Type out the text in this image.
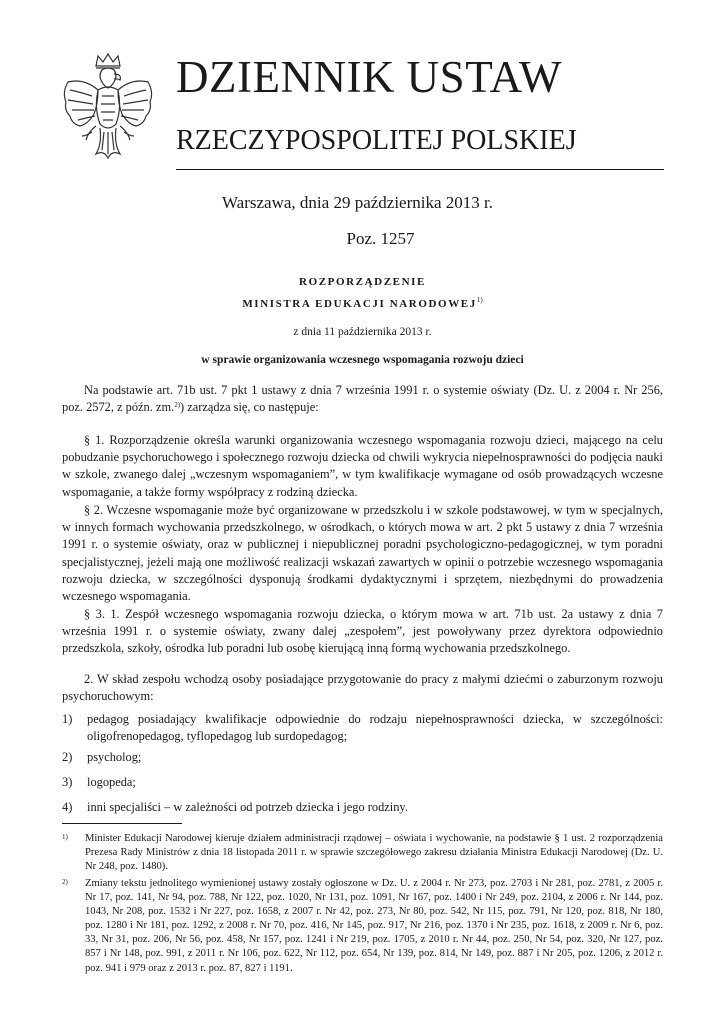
DZIENNIK USTAW
RZECZYPOSPOLITEJ POLSKIEJ
Warszawa, dnia 29 października 2013 r.
Poz. 1257
ROZPORZĄDZENIE
MINISTRA EDUKACJI NARODOWEJ$^{1)}$
z dnia 11 października 2013 r.
w sprawie organizowania wczesnego wspomagania rozwoju dzieci

Na podstawie art. 71b ust. 7 pkt 1 ustawy z dnia 7 września 1991 r. o systemie oświaty (Dz. U. z 2004 r. Nr 256, poz. 2572, z późn. zm.$^{2)}$) zarządza się, co następuje:

§ 1. Rozporządzenie określa warunki organizowania wczesnego wspomagania rozwoju dzieci, mającego na celu pobudzanie psychoruchowego i społecznego rozwoju dziecka od chwili wykrycia niepełnosprawności do podjęcia nauki w szkole, zwanego dalej „wczesnym wspomaganiem”, w tym kwalifikacje wymagane od osób prowadzących wczesne wspomaganie, a także formy współpracy z rodziną dziecka.

§ 2. Wczesne wspomaganie może być organizowane w przedszkolu i w szkole podstawowej, w tym w specjalnych, w innych formach wychowania przedszkolnego, w ośrodkach, o których mowa w art. 2 pkt 5 ustawy z dnia 7 września 1991 r. o systemie oświaty, oraz w publicznej i niepublicznej poradni psychologiczno-pedagogicznej, w tym poradni specjalistycznej, jeżeli mają one możliwość realizacji wskazań zawartych w opinii o potrzebie wczesnego wspomagania rozwoju dziecka, w szczególności dysponują środkami dydaktycznymi i sprzętem, niezbędnymi do prowadzenia wczesnego wspomagania.

§ 3. 1. Zespół wczesnego wspomagania rozwoju dziecka, o którym mowa w art. 71b ust. 2a ustawy z dnia 7 września 1991 r. o systemie oświaty, zwany dalej „zespołem”, jest powoływany przez dyrektora odpowiednio przedszkola, szkoły, ośrodka lub poradni lub osobę kierującą inną formą wychowania przedszkolnego.

2. W skład zespołu wchodzą osoby posiadające przygotowanie do pracy z małymi dziećmi o zaburzonym rozwoju psychoruchowym:

1) pedagog posiadający kwalifikacje odpowiednie do rodzaju niepełnosprawności dziecka, w szczególności: oligofrenopedagog, tyflopedagog lub surdopedagog;
2) psycholog;
3) logopeda;
4) inni specjaliści – w zależności od potrzeb dziecka i jego rodziny.
1) Minister Edukacji Narodowej kieruje działem administracji rządowej – oświata i wychowanie, na podstawie § 1 ust. 2 rozporządzenia Prezesa Rady Ministrów z dnia 18 listopada 2011 r. w sprawie szczegółowego zakresu działania Ministra Edukacji Narodowej (Dz. U. Nr 248, poz. 1480).
2) Zmiany tekstu jednolitego wymienionej ustawy zostały ogłoszone w Dz. U. z 2004 r. Nr 273, poz. 2703 i Nr 281, poz. 2781, z 2005 r. Nr 17, poz. 141, Nr 94, poz. 788, Nr 122, poz. 1020, Nr 131, poz. 1091, Nr 167, poz. 1400 i Nr 249, poz. 2104, z 2006 r. Nr 144, poz. 1043, Nr 208, poz. 1532 i Nr 227, poz. 1658, z 2007 r. Nr 42, poz. 273, Nr 80, poz. 542, Nr 115, poz. 791, Nr 120, poz. 818, Nr 180, poz. 1280 i Nr 181, poz. 1292, z 2008 r. Nr 70, poz. 416, Nr 145, poz. 917, Nr 216, poz. 1370 i Nr 235, poz. 1618, z 2009 r. Nr 6, poz. 33, Nr 31, poz. 206, Nr 56, poz. 458, Nr 157, poz. 1241 i Nr 219, poz. 1705, z 2010 r. Nr 44, poz. 250, Nr 54, poz. 320, Nr 127, poz. 857 i Nr 148, poz. 991, z 2011 r. Nr 106, poz. 622, Nr 112, poz. 654, Nr 139, poz. 814, Nr 149, poz. 887 i Nr 205, poz. 1206, z 2012 r. poz. 941 i 979 oraz z 2013 r. poz. 87, 827 i 1191.
